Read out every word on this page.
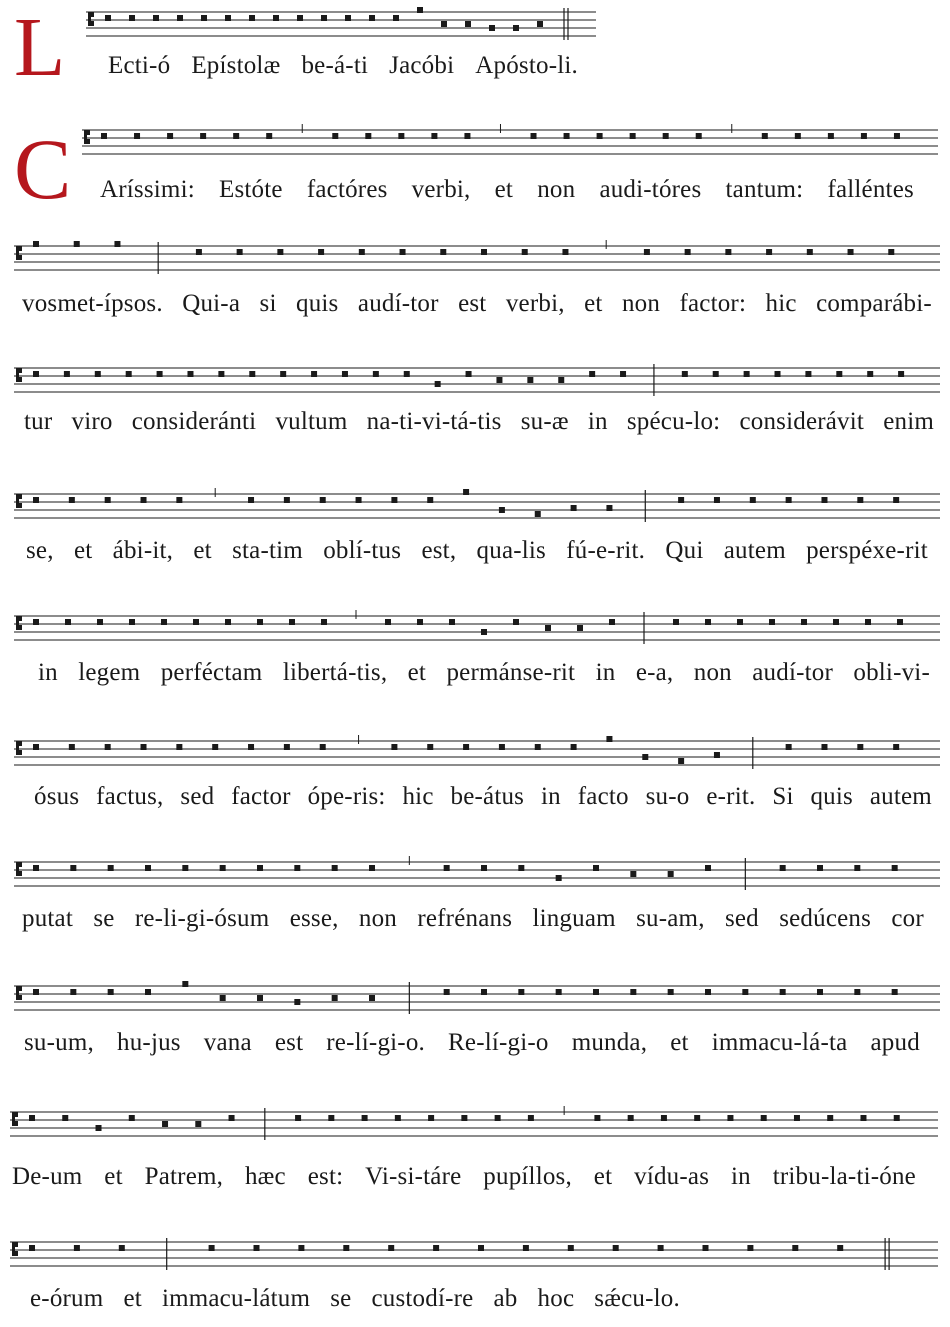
L Ecti-ó Epístolæ be-á-ti Jacóbi Apósto-li.
C Aríssimi: Estóte factóres verbi, et non audi-tóres tantum: falléntes
vosmet-ípsos. Qui-a si quis audí-tor est verbi, et non factor: hic comparábi-
tur viro consideránti vultum na-ti-vi-tá-tis su-æ in spécu-lo: considerávit enim
se, et ábi-it, et sta-tim oblí-tus est, qua-lis fú-e-rit. Qui autem perspéxe-rit
in legem perféctam libertá-tis, et permánse-rit in e-a, non audí-tor obli-vi-
ósus factus, sed factor ópe-ris: hic be-átus in facto su-o e-rit. Si quis autem
putat se re-li-gi-ósum esse, non refrénans linguam su-am, sed sedúcens cor
su-um, hu-jus vana est re-lí-gi-o. Re-lí-gi-o munda, et immacu-lá-ta apud
De-um et Patrem, hæc est: Vi-si-táre pupíllos, et vídu-as in tribu-la-ti-óne
e-órum et immacu-látum se custodí-re ab hoc sǽcu-lo.
